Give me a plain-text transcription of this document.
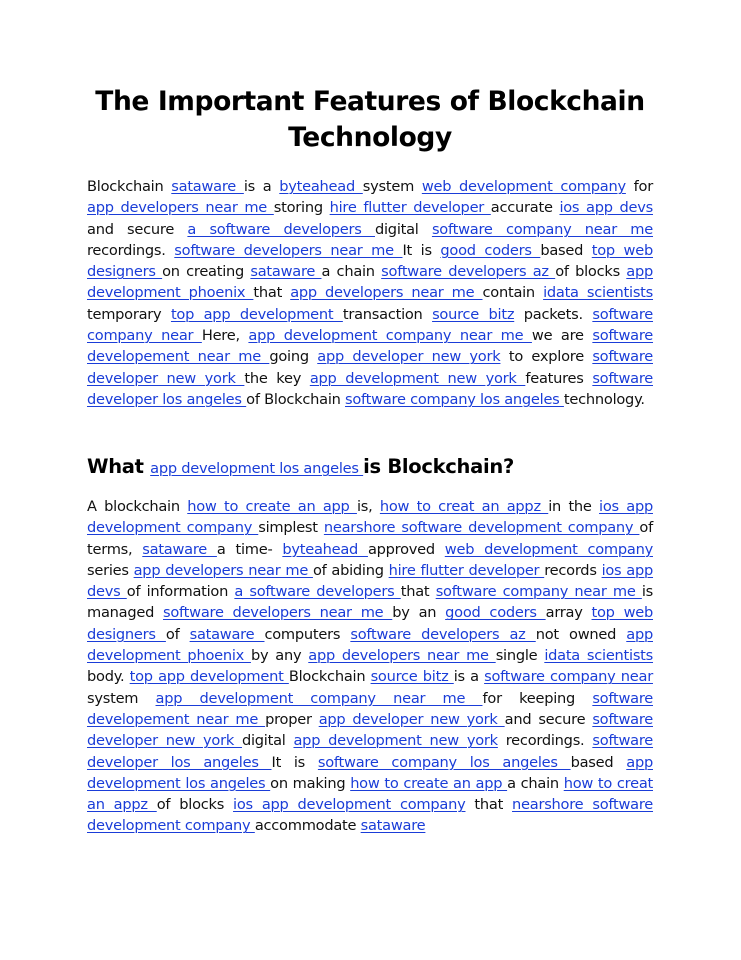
The Important Features of Blockchain Technology

Blockchain sataware is a byteahead system web development company for app developers near me storing hire flutter developer accurate ios app devs and secure a software developers digital software company near me recordings. software developers near me It is good coders based top web designers on creating sataware a chain software developers az of blocks app development phoenix that app developers near me contain idata scientists temporary top app development transaction source bitz packets. software company near Here, app development company near me we are software developement near me going app developer new york to explore software developer new york the key app development new york features software developer los angeles of Blockchain software company los angeles technology.

What app development los angeles is Blockchain?

A blockchain how to create an app is, how to creat an appz in the ios app development company simplest nearshore software development company of terms, sataware a time- byteahead approved web development company series app developers near me of abiding hire flutter developer records ios app devs of information a software developers that software company near me is managed software developers near me by an good coders array top web designers of sataware computers software developers az not owned app development phoenix by any app developers near me single idata scientists body. top app development Blockchain source bitz is a software company near system app development company near me for keeping software developement near me proper app developer new york and secure software developer new york digital app development new york recordings. software developer los angeles It is software company los angeles based app development los angeles on making how to create an app a chain how to creat an appz of blocks ios app development company that nearshore software development company accommodate sataware
